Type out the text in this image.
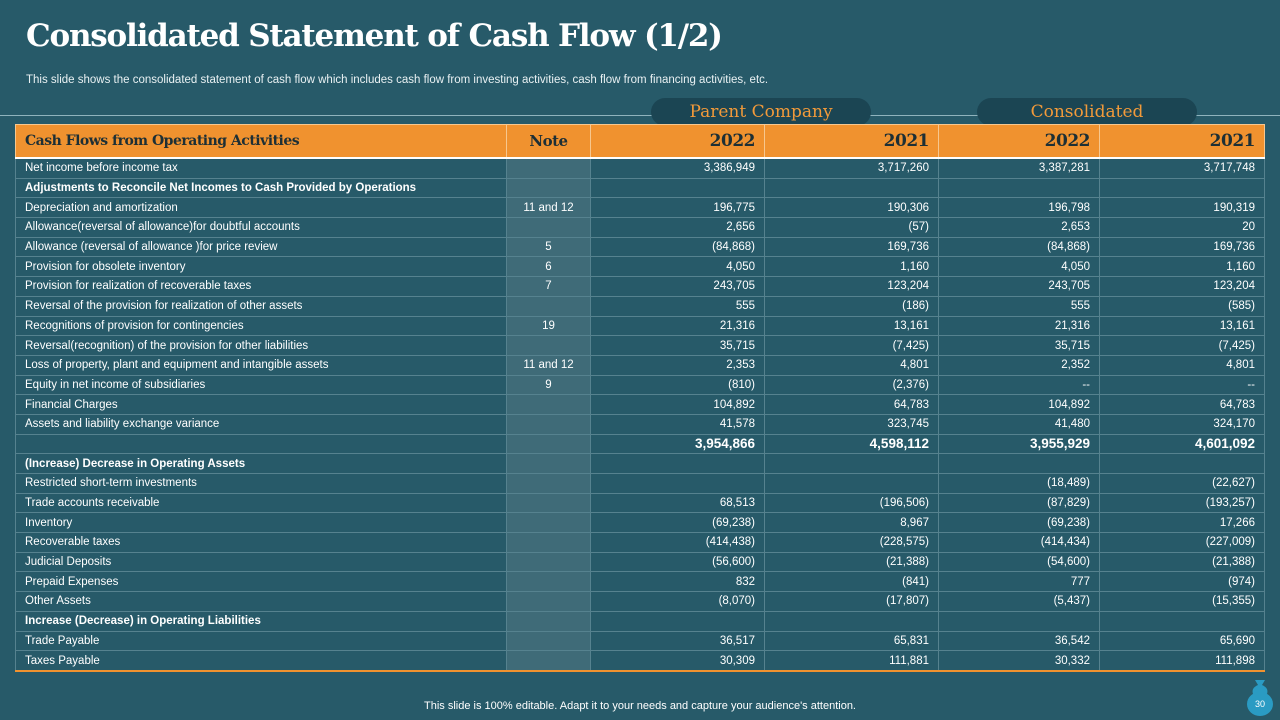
Consolidated Statement of Cash Flow (1/2)

This slide shows the consolidated statement of cash flow which includes cash flow from investing activities, cash flow from financing activities, etc.

Parent Company	Consolidated
Cash Flows from Operating Activities	Note	2022	2021	2022	2021
Net income before income tax		3,386,949	3,717,260	3,387,281	3,717,748
Adjustments to Reconcile Net Incomes to Cash Provided by Operations					
Depreciation and amortization	11 and 12	196,775	190,306	196,798	190,319
Allowance(reversal of allowance)for doubtful accounts		2,656	(57)	2,653	20
Allowance (reversal of allowance )for price review	5	(84,868)	169,736	(84,868)	169,736
Provision for obsolete inventory	6	4,050	1,160	4,050	1,160
Provision for realization of recoverable taxes	7	243,705	123,204	243,705	123,204
Reversal of the provision for realization of other assets		555	(186)	555	(585)
Recognitions of provision for contingencies	19	21,316	13,161	21,316	13,161
Reversal(recognition) of the provision for other liabilities		35,715	(7,425)	35,715	(7,425)
Loss of property, plant and equipment and intangible assets	11 and 12	2,353	4,801	2,352	4,801
Equity in net income of subsidiaries	9	(810)	(2,376)	--	--
Financial Charges		104,892	64,783	104,892	64,783
Assets and liability exchange variance		41,578	323,745	41,480	324,170
		3,954,866	4,598,112	3,955,929	4,601,092
(Increase) Decrease in Operating Assets					
Restricted short-term investments				(18,489)	(22,627)
Trade accounts receivable		68,513	(196,506)	(87,829)	(193,257)
Inventory		(69,238)	8,967	(69,238)	17,266
Recoverable taxes		(414,438)	(228,575)	(414,434)	(227,009)
Judicial Deposits		(56,600)	(21,388)	(54,600)	(21,388)
Prepaid Expenses		832	(841)	777	(974)
Other Assets		(8,070)	(17,807)	(5,437)	(15,355)
Increase (Decrease) in Operating Liabilities					
Trade Payable		36,517	65,831	36,542	65,690
Taxes Payable		30,309	111,881	30,332	111,898
This slide is 100% editable. Adapt it to your needs and capture your audience's attention.	30
